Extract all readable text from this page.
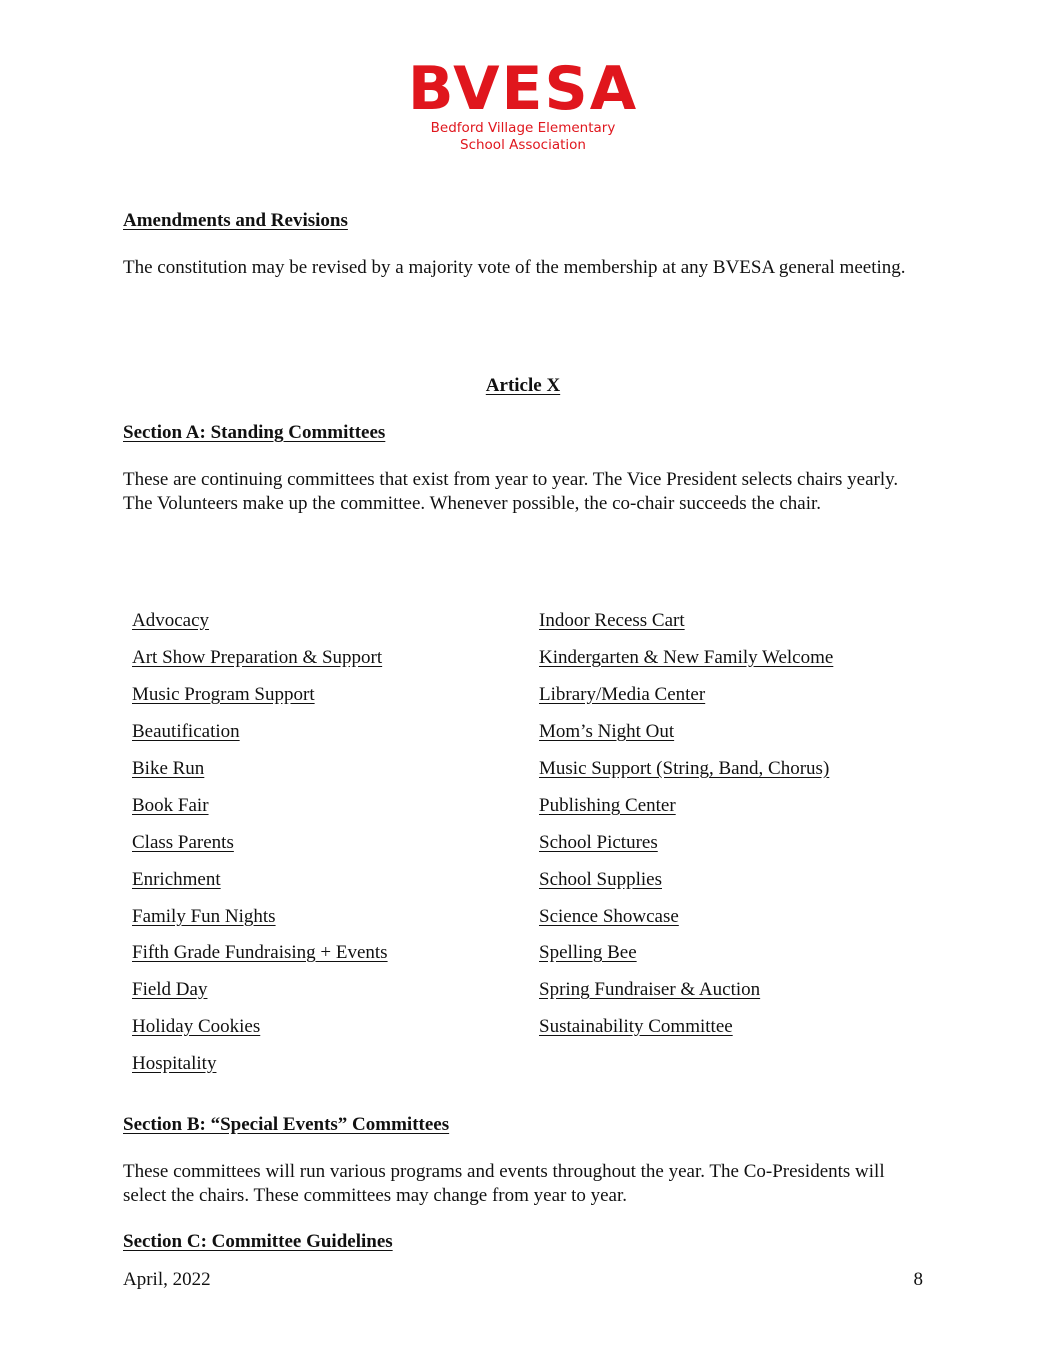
BVESA
Bedford Village Elementary
School Association
Amendments and Revisions
The constitution may be revised by a majority vote of the membership at any BVESA general meeting.
Article X
Section A: Standing Committees
These are continuing committees that exist from year to year. The Vice President selects chairs yearly. The Volunteers make up the committee. Whenever possible, the co-chair succeeds the chair.
Advocacy
Art Show Preparation & Support
Music Program Support
Beautification
Bike Run
Book Fair
Class Parents
Enrichment
Family Fun Nights
Fifth Grade Fundraising + Events
Field Day
Holiday Cookies
Hospitality
Indoor Recess Cart
Kindergarten & New Family Welcome
Library/Media Center
Mom’s Night Out
Music Support (String, Band, Chorus)
Publishing Center
School Pictures
School Supplies
Science Showcase
Spelling Bee
Spring Fundraiser & Auction
Sustainability Committee
Section B: “Special Events” Committees
These committees will run various programs and events throughout the year. The Co-Presidents will select the chairs. These committees may change from year to year.
Section C: Committee Guidelines
April, 2022	8
